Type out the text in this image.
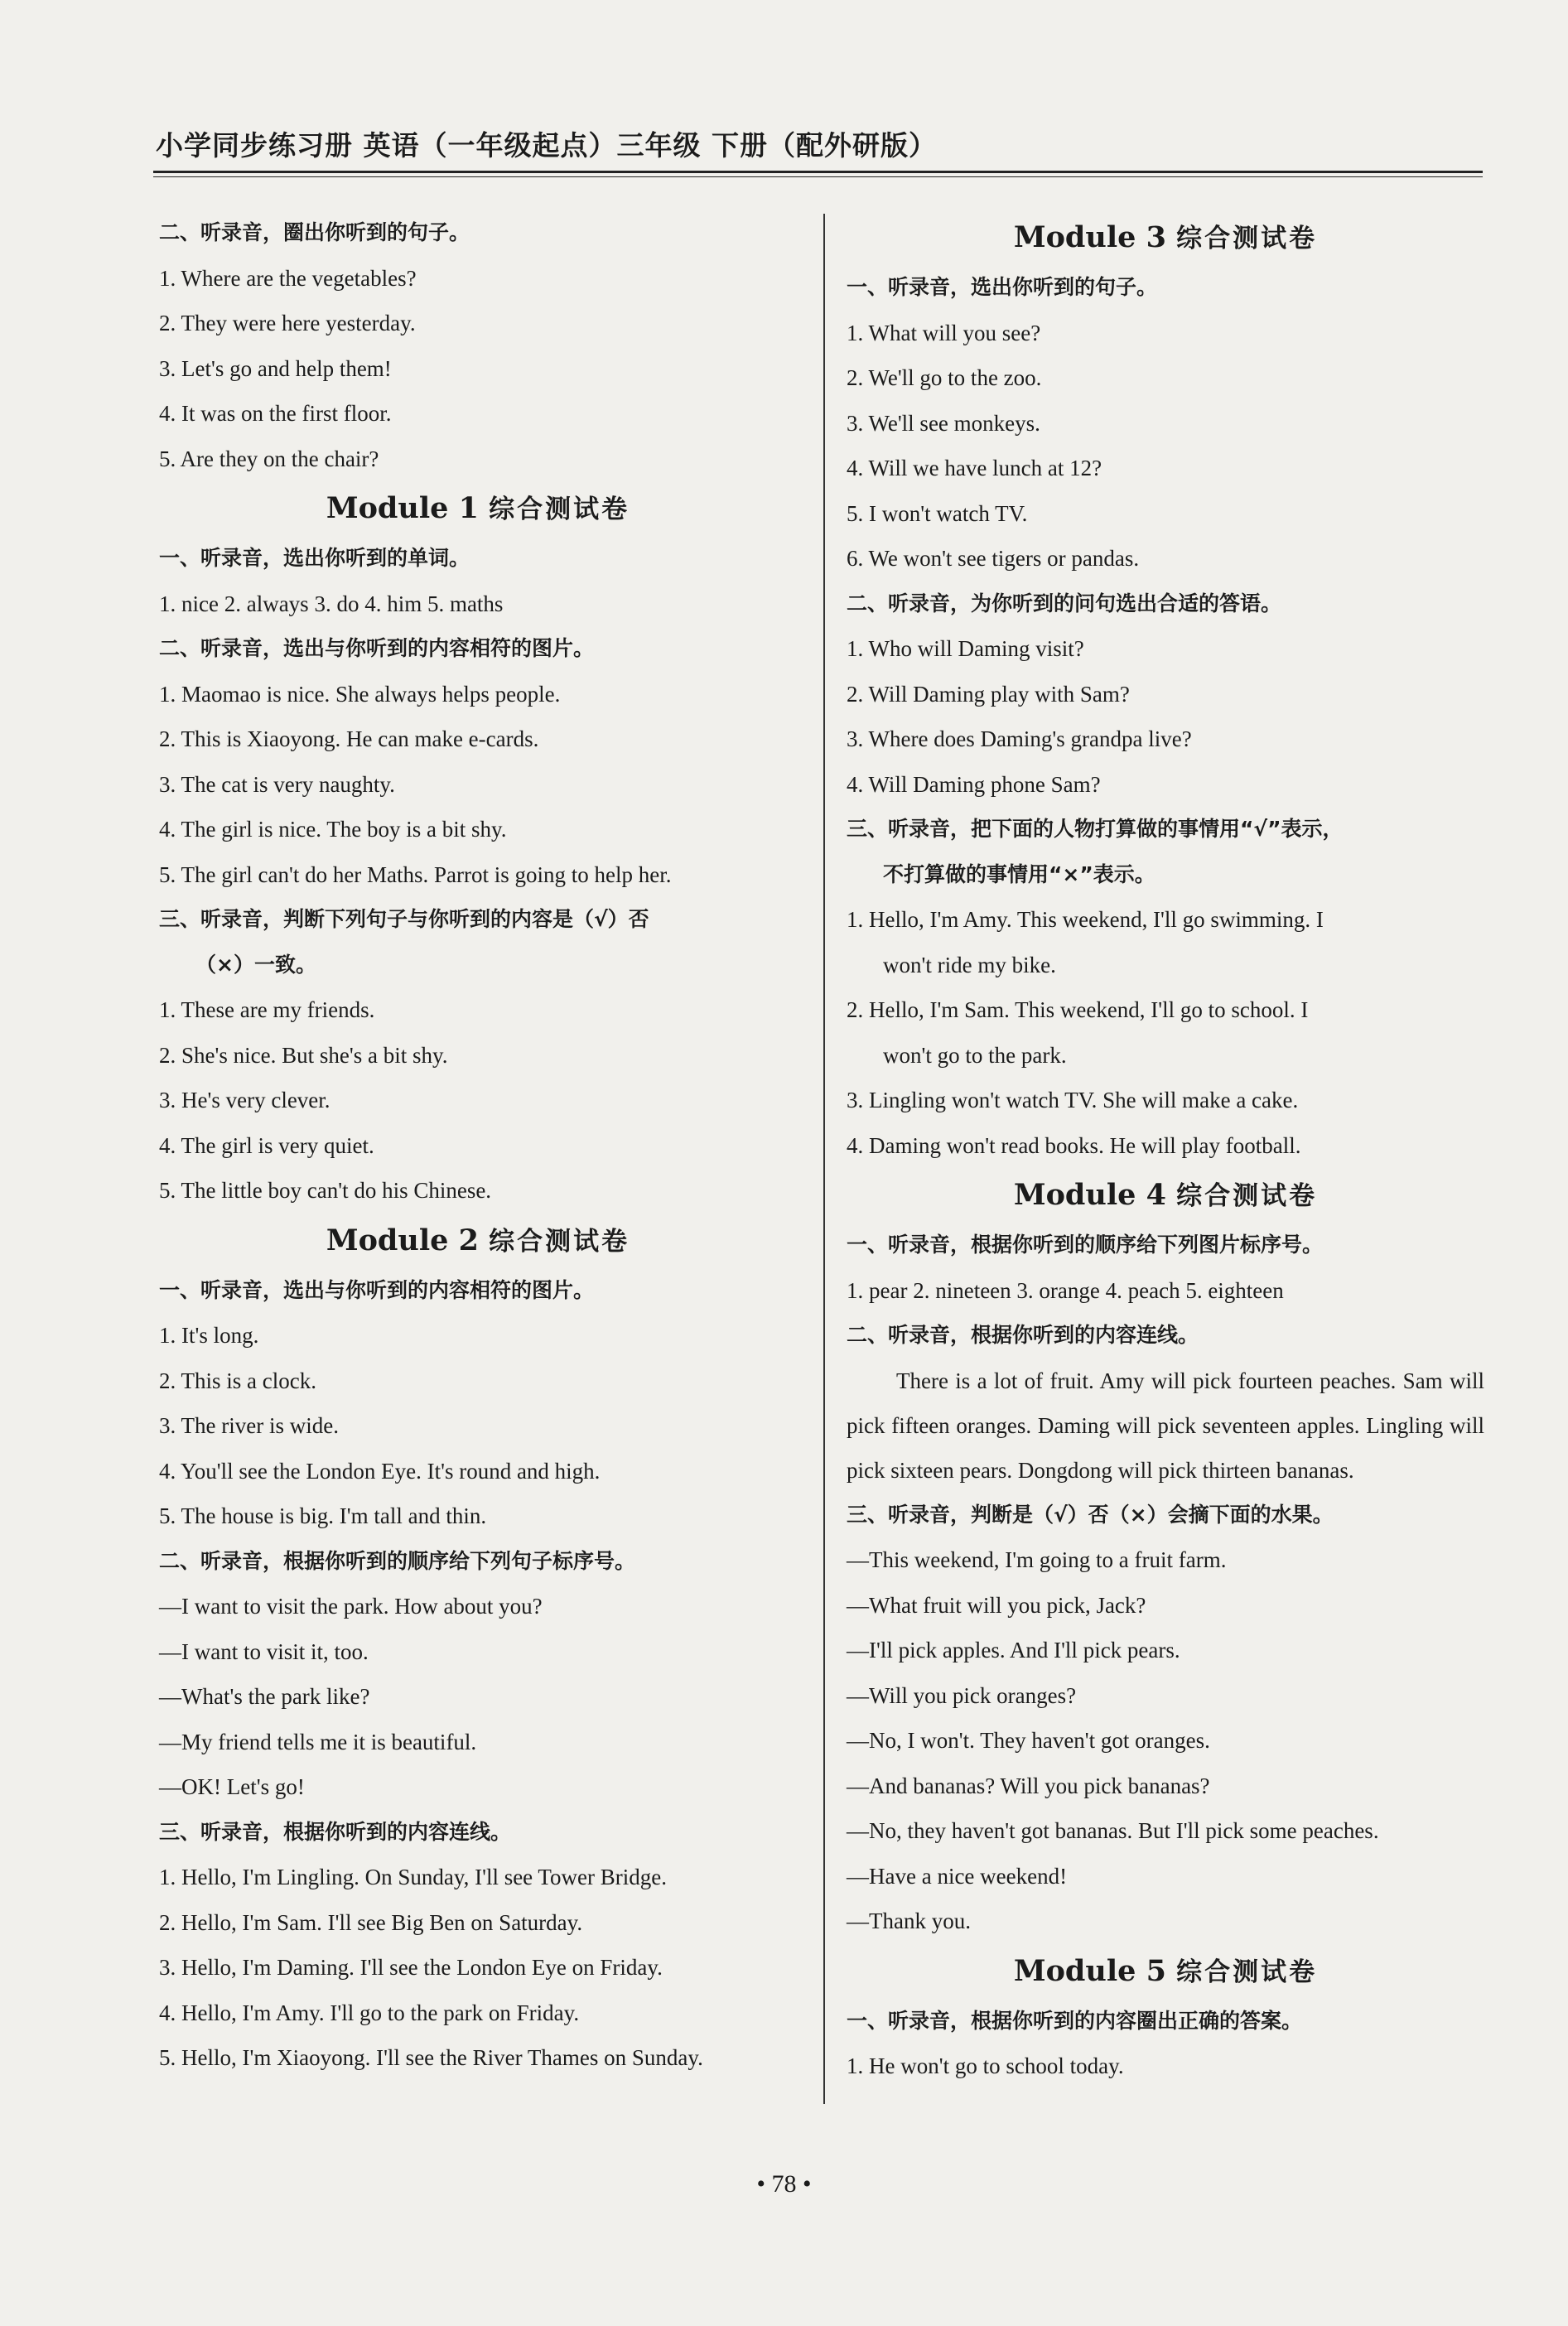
小学同步练习册 英语（一年级起点）三年级 下册（配外研版）
二、听录音，圈出你听到的句子。
1. Where are the vegetables?
2. They were here yesterday.
3. Let's go and help them!
4. It was on the first floor.
5. Are they on the chair?
Module 1 综合测试卷
一、听录音，选出你听到的单词。
1. nice 2. always 3. do 4. him 5. maths
二、听录音，选出与你听到的内容相符的图片。
1. Maomao is nice. She always helps people.
2. This is Xiaoyong. He can make e-cards.
3. The cat is very naughty.
4. The girl is nice. The boy is a bit shy.
5. The girl can't do her Maths. Parrot is going to help her.
三、听录音，判断下列句子与你听到的内容是（√）否
（×）一致。
1. These are my friends.
2. She's nice. But she's a bit shy.
3. He's very clever.
4. The girl is very quiet.
5. The little boy can't do his Chinese.
Module 2 综合测试卷
一、听录音，选出与你听到的内容相符的图片。
1. It's long.
2. This is a clock.
3. The river is wide.
4. You'll see the London Eye. It's round and high.
5. The house is big. I'm tall and thin.
二、听录音，根据你听到的顺序给下列句子标序号。
—I want to visit the park. How about you?
—I want to visit it, too.
—What's the park like?
—My friend tells me it is beautiful.
—OK! Let's go!
三、听录音，根据你听到的内容连线。
1. Hello, I'm Lingling. On Sunday, I'll see Tower Bridge.
2. Hello, I'm Sam. I'll see Big Ben on Saturday.
3. Hello, I'm Daming. I'll see the London Eye on Friday.
4. Hello, I'm Amy. I'll go to the park on Friday.
5. Hello, I'm Xiaoyong. I'll see the River Thames on Sunday.
Module 3 综合测试卷
一、听录音，选出你听到的句子。
1. What will you see?
2. We'll go to the zoo.
3. We'll see monkeys.
4. Will we have lunch at 12?
5. I won't watch TV.
6. We won't see tigers or pandas.
二、听录音，为你听到的问句选出合适的答语。
1. Who will Daming visit?
2. Will Daming play with Sam?
3. Where does Daming's grandpa live?
4. Will Daming phone Sam?
三、听录音，把下面的人物打算做的事情用“√”表示，
不打算做的事情用“×”表示。
1. Hello, I'm Amy. This weekend, I'll go swimming. I
won't ride my bike.
2. Hello, I'm Sam. This weekend, I'll go to school. I
won't go to the park.
3. Lingling won't watch TV. She will make a cake.
4. Daming won't read books. He will play football.
Module 4 综合测试卷
一、听录音，根据你听到的顺序给下列图片标序号。
1. pear 2. nineteen 3. orange 4. peach 5. eighteen
二、听录音，根据你听到的内容连线。
There is a lot of fruit. Amy will pick fourteen peaches. Sam will pick fifteen oranges. Daming will pick seventeen apples. Lingling will pick sixteen pears. Dongdong will pick thirteen bananas.
三、听录音，判断是（√）否（×）会摘下面的水果。
—This weekend, I'm going to a fruit farm.
—What fruit will you pick, Jack?
—I'll pick apples. And I'll pick pears.
—Will you pick oranges?
—No, I won't. They haven't got oranges.
—And bananas? Will you pick bananas?
—No, they haven't got bananas. But I'll pick some peaches.
—Have a nice weekend!
—Thank you.
Module 5 综合测试卷
一、听录音，根据你听到的内容圈出正确的答案。
1. He won't go to school today.
• 78 •
